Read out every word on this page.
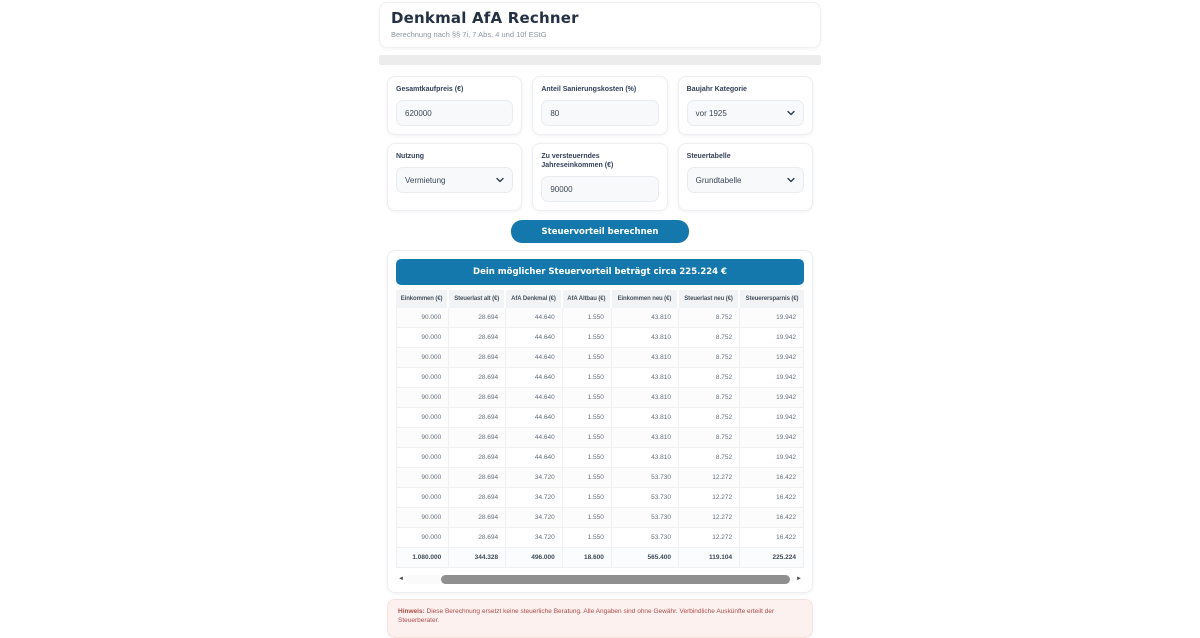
Denkmal AfA Rechner
Berechnung nach §§ 7i, 7 Abs. 4 und 10f EStG
Gesamtkaufpreis (€)
620000	Anteil Sanierungskosten (%)
80	Baujahr Kategorie
vor 1925
Nutzung
Vermietung
Zu versteuerndes Jahreseinkommen (€)
90000
Steuertabelle
Grundtabelle
Steuervorteil berechnen
Dein möglicher Steuervorteil beträgt circa 225.224 €
Einkommen (€)	Steuerlast alt (€)	AfA Denkmal (€)	AfA Altbau (€)	Einkommen neu (€)	Steuerlast neu (€)	Steuerersparnis (€)
90.000	28.694	44.640	1.550	43.810	8.752	19.942
90.000	28.694	44.640	1.550	43.810	8.752	19.942
90.000	28.694	44.640	1.550	43.810	8.752	19.942
90.000	28.694	44.640	1.550	43.810	8.752	19.942
90.000	28.694	44.640	1.550	43.810	8.752	19.942
90.000	28.694	44.640	1.550	43.810	8.752	19.942
90.000	28.694	44.640	1.550	43.810	8.752	19.942
90.000	28.694	44.640	1.550	43.810	8.752	19.942
90.000	28.694	34.720	1.550	53.730	12.272	16.422
90.000	28.694	34.720	1.550	53.730	12.272	16.422
90.000	28.694	34.720	1.550	53.730	12.272	16.422
90.000	28.694	34.720	1.550	53.730	12.272	16.422
1.080.000	344.328	496.000	18.600	565.400	119.104	225.224
◄	►
Hinweis: Diese Berechnung ersetzt keine steuerliche Beratung. Alle Angaben sind ohne Gewähr. Verbindliche Auskünfte erteilt der Steuerberater.
